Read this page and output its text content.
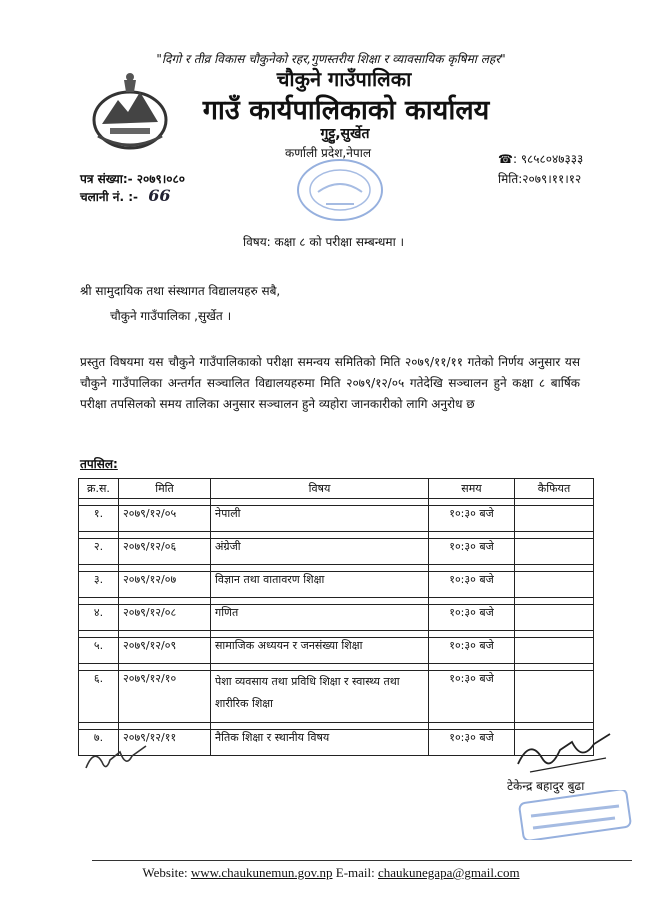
"दिगो र तीव्र विकास चौकुनेको रहर,गुणस्तरीय शिक्षा र व्यावसायिक कृषिमा लहर"
चौकुने गाउँपालिका
गाउँ कार्यपालिकाको कार्यालय
गुट्टु,सुर्खेत
कर्णाली प्रदेश,नेपाल
पत्र संख्या:- २०७९।०८०
चलानी नं. :- 66
☎: ९८५८०४७३३३
मिति:२०७९।११।१२
विषय: कक्षा ८ को परीक्षा सम्बन्धमा ।
श्री सामुदायिक तथा संस्थागत विद्यालयहरु सबै,
चौकुने गाउँपालिका ,सुर्खेत ।
प्रस्तुत विषयमा यस चौकुने गाउँपालिकाको परीक्षा समन्वय समितिको मिति २०७९/११/११ गतेको निर्णय अनुसार यस चौकुने गाउँपालिका अन्तर्गत सञ्चालित विद्यालयहरुमा मिति २०७९/१२/०५ गतेदेखि सञ्चालन हुने कक्षा ८ बार्षिक परीक्षा तपसिलको समय तालिका अनुसार सञ्चालन हुने व्यहोरा जानकारीको लागि अनुरोध छ
तपसिल:
क्र.स.	मिति	विषय	समय	कैफियत

१.	२०७९/१२/०५	नेपाली	१०:३० बजे	

२.	२०७९/१२/०६	अंग्रेजी	१०:३० बजे	

३.	२०७९/१२/०७	विज्ञान तथा वातावरण शिक्षा	१०:३० बजे	

४.	२०७९/१२/०८	गणित	१०:३० बजे	

५.	२०७९/१२/०९	सामाजिक अध्ययन र जनसंख्या शिक्षा	१०:३० बजे	

६.	२०७९/१२/१०	पेशा व्यवसाय तथा प्रविधि शिक्षा र स्वास्थ्य तथा शारीरिक शिक्षा	१०:३० बजे	

७.	२०७९/१२/११	नैतिक शिक्षा र स्थानीय विषय	१०:३० बजे	
टेकेन्द्र बहादुर बुढा
Website: www.chaukunemun.gov.np E-mail: chaukunegapa@gmail.com
